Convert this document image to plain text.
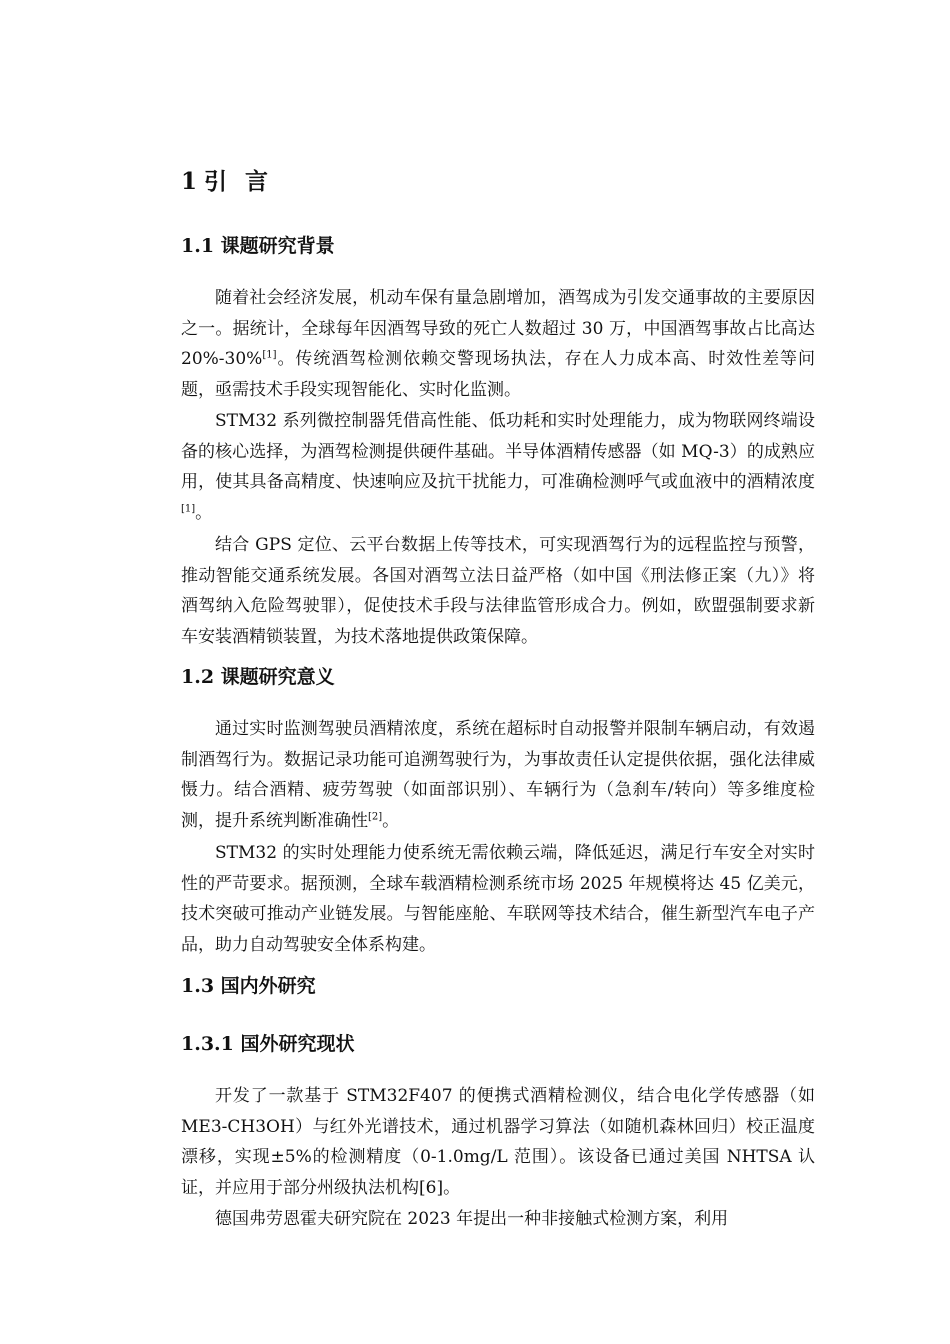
1 引言
1.1 课题研究背景
随着社会经济发展，机动车保有量急剧增加，酒驾成为引发交通事故的主要原因之一。据统计，全球每年因酒驾导致的死亡人数超过 30 万，中国酒驾事故占比高达 20%-30%[1]。传统酒驾检测依赖交警现场执法，存在人力成本高、时效性差等问题，亟需技术手段实现智能化、实时化监测。
STM32 系列微控制器凭借高性能、低功耗和实时处理能力，成为物联网终端设备的核心选择，为酒驾检测提供硬件基础。半导体酒精传感器（如 MQ-3）的成熟应用，使其具备高精度、快速响应及抗干扰能力，可准确检测呼气或血液中的酒精浓度[1]。
结合 GPS 定位、云平台数据上传等技术，可实现酒驾行为的远程监控与预警，推动智能交通系统发展。各国对酒驾立法日益严格（如中国《刑法修正案（九）》将酒驾纳入危险驾驶罪），促使技术手段与法律监管形成合力。例如，欧盟强制要求新车安装酒精锁装置，为技术落地提供政策保障。
1.2 课题研究意义
通过实时监测驾驶员酒精浓度，系统在超标时自动报警并限制车辆启动，有效遏制酒驾行为。数据记录功能可追溯驾驶行为，为事故责任认定提供依据，强化法律威慑力。结合酒精、疲劳驾驶（如面部识别）、车辆行为（急刹车/转向）等多维度检测，提升系统判断准确性[2]。
STM32 的实时处理能力使系统无需依赖云端，降低延迟，满足行车安全对实时性的严苛要求。据预测，全球车载酒精检测系统市场 2025 年规模将达 45 亿美元，技术突破可推动产业链发展。与智能座舱、车联网等技术结合，催生新型汽车电子产品，助力自动驾驶安全体系构建。
1.3 国内外研究
1.3.1 国外研究现状
开发了一款基于 STM32F407 的便携式酒精检测仪，结合电化学传感器（如 ME3-CH3OH）与红外光谱技术，通过机器学习算法（如随机森林回归）校正温度漂移，实现±5%的检测精度（0-1.0mg/L 范围）。该设备已通过美国 NHTSA 认证，并应用于部分州级执法机构[6]。
德国弗劳恩霍夫研究院在 2023 年提出一种非接触式检测方案，利用
